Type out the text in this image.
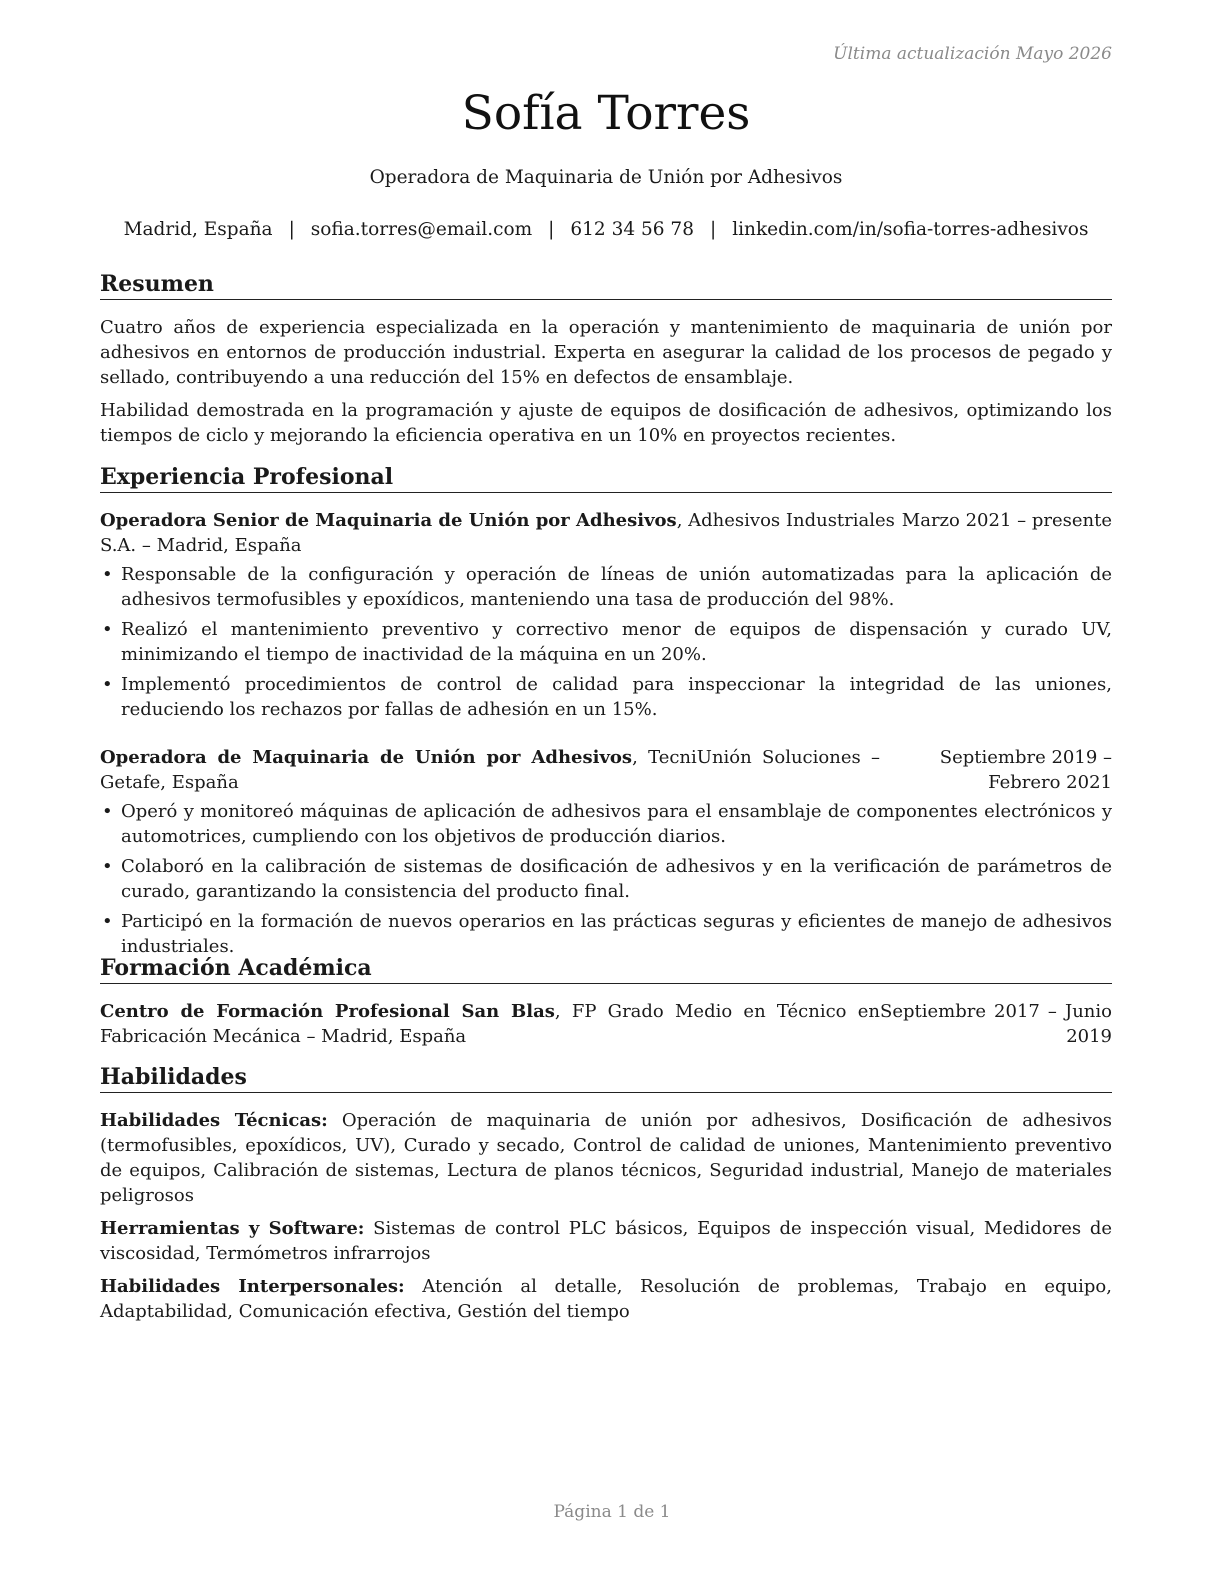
Última actualización Mayo 2026
Sofía Torres
Operadora de Maquinaria de Unión por Adhesivos
Madrid, España | sofia.torres@email.com | 612 34 56 78 | linkedin.com/in/sofia-torres-adhesivos
Resumen

Cuatro años de experiencia especializada en la operación y mantenimiento de maquinaria de unión por adhesivos en entornos de producción industrial. Experta en asegurar la calidad de los procesos de pegado y sellado, contribuyendo a una reducción del 15% en defectos de ensamblaje.

Habilidad demostrada en la programación y ajuste de equipos de dosificación de adhesivos, optimizando los tiempos de ciclo y mejorando la eficiencia operativa en un 10% en proyectos recientes.

Experiencia Profesional
Operadora Senior de Maquinaria de Unión por Adhesivos, Adhesivos Industriales S.A. – Madrid, España
Marzo 2021 – presente
• Responsable de la configuración y operación de líneas de unión automatizadas para la aplicación de adhesivos termofusibles y epoxídicos, manteniendo una tasa de producción del 98%.
• Realizó el mantenimiento preventivo y correctivo menor de equipos de dispensación y curado UV, minimizando el tiempo de inactividad de la máquina en un 20%.
• Implementó procedimientos de control de calidad para inspeccionar la integridad de las uniones, reduciendo los rechazos por fallas de adhesión en un 15%.
Operadora de Maquinaria de Unión por Adhesivos, TecniUnión Soluciones – Getafe, España
Septiembre 2019 – Febrero 2021
• Operó y monitoreó máquinas de aplicación de adhesivos para el ensamblaje de componentes electrónicos y automotrices, cumpliendo con los objetivos de producción diarios.
• Colaboró en la calibración de sistemas de dosificación de adhesivos y en la verificación de parámetros de curado, garantizando la consistencia del producto final.
• Participó en la formación de nuevos operarios en las prácticas seguras y eficientes de manejo de adhesivos industriales.
Formación Académica
Centro de Formación Profesional San Blas, FP Grado Medio en Técnico en Fabricación Mecánica – Madrid, España
Septiembre 2017 – Junio 2019
Habilidades
Habilidades Técnicas: Operación de maquinaria de unión por adhesivos, Dosificación de adhesivos (termofusibles, epoxídicos, UV), Curado y secado, Control de calidad de uniones, Mantenimiento preventivo de equipos, Calibración de sistemas, Lectura de planos técnicos, Seguridad industrial, Manejo de materiales peligrosos
Herramientas y Software: Sistemas de control PLC básicos, Equipos de inspección visual, Medidores de viscosidad, Termómetros infrarrojos
Habilidades Interpersonales: Atención al detalle, Resolución de problemas, Trabajo en equipo, Adaptabilidad, Comunicación efectiva, Gestión del tiempo
Página 1 de 1
